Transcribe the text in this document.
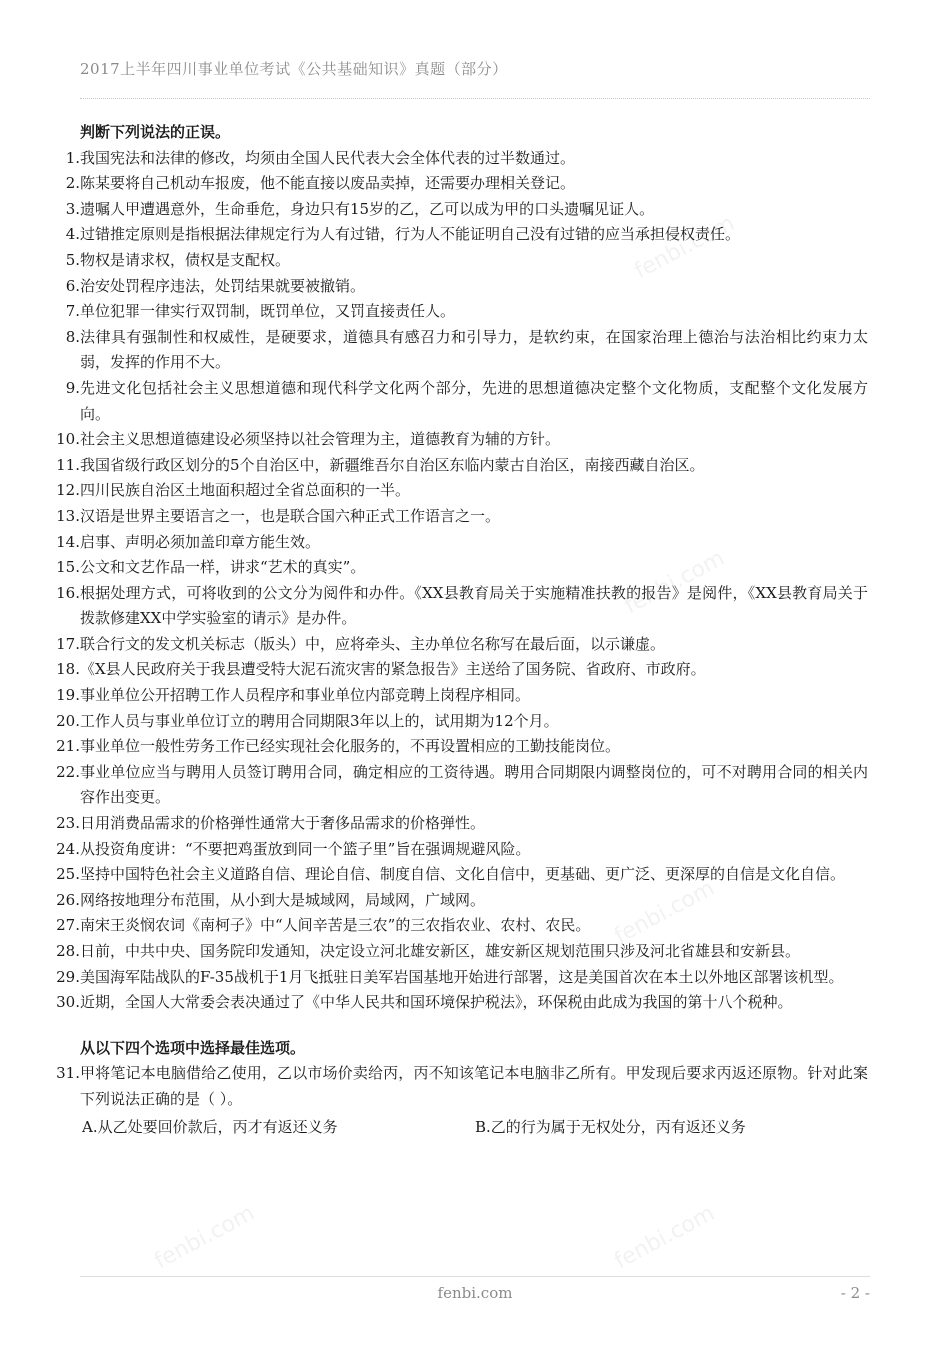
fenbi.com
fenbi.com
fenbi.com
fenbi.com	fenbi.com
2017上半年四川事业单位考试《公共基础知识》真题（部分）

判断下列说法的正误。

1. 我国宪法和法律的修改，均须由全国人民代表大会全体代表的过半数通过。
2. 陈某要将自己机动车报废，他不能直接以废品卖掉，还需要办理相关登记。
3. 遗嘱人甲遭遇意外，生命垂危，身边只有15岁的乙，乙可以成为甲的口头遗嘱见证人。
4. 过错推定原则是指根据法律规定行为人有过错，行为人不能证明自己没有过错的应当承担侵权责任。
5. 物权是请求权，债权是支配权。
6. 治安处罚程序违法，处罚结果就要被撤销。
7. 单位犯罪一律实行双罚制，既罚单位，又罚直接责任人。
8. 法律具有强制性和权威性，是硬要求，道德具有感召力和引导力，是软约束，在国家治理上德治与法治相比约束力太弱，发挥的作用不大。
9. 先进文化包括社会主义思想道德和现代科学文化两个部分，先进的思想道德决定整个文化物质，支配整个文化发展方向。
10. 社会主义思想道德建设必须坚持以社会管理为主，道德教育为辅的方针。
11. 我国省级行政区划分的5个自治区中，新疆维吾尔自治区东临内蒙古自治区，南接西藏自治区。
12. 四川民族自治区土地面积超过全省总面积的一半。
13. 汉语是世界主要语言之一，也是联合国六种正式工作语言之一。
14. 启事、声明必须加盖印章方能生效。
15. 公文和文艺作品一样，讲求“艺术的真实”。
16. 根据处理方式，可将收到的公文分为阅件和办件。《XX县教育局关于实施精准扶教的报告》是阅件，《XX县教育局关于拨款修建XX中学实验室的请示》是办件。
17. 联合行文的发文机关标志（版头）中，应将牵头、主办单位名称写在最后面，以示谦虚。
18. 《X县人民政府关于我县遭受特大泥石流灾害的紧急报告》主送给了国务院、省政府、市政府。
19. 事业单位公开招聘工作人员程序和事业单位内部竞聘上岗程序相同。
20. 工作人员与事业单位订立的聘用合同期限3年以上的，试用期为12个月。
21. 事业单位一般性劳务工作已经实现社会化服务的，不再设置相应的工勤技能岗位。
22. 事业单位应当与聘用人员签订聘用合同，确定相应的工资待遇。聘用合同期限内调整岗位的，可不对聘用合同的相关内容作出变更。
23. 日用消费品需求的价格弹性通常大于奢侈品需求的价格弹性。
24. 从投资角度讲：“不要把鸡蛋放到同一个篮子里”旨在强调规避风险。
25. 坚持中国特色社会主义道路自信、理论自信、制度自信、文化自信中，更基础、更广泛、更深厚的自信是文化自信。
26. 网络按地理分布范围，从小到大是城域网，局域网，广域网。
27. 南宋王炎悯农词《南柯子》中“人间辛苦是三农”的三农指农业、农村、农民。
28. 日前，中共中央、国务院印发通知，决定设立河北雄安新区，雄安新区规划范围只涉及河北省雄县和安新县。
29. 美国海军陆战队的F-35战机于1月飞抵驻日美军岩国基地开始进行部署，这是美国首次在本土以外地区部署该机型。
30. 近期，全国人大常委会表决通过了《中华人民共和国环境保护税法》，环保税由此成为我国的第十八个税种。

从以下四个选项中选择最佳选项。

31. 甲将笔记本电脑借给乙使用，乙以市场价卖给丙，丙不知该笔记本电脑非乙所有。甲发现后要求丙返还原物。针对此案下列说法正确的是（ ）。
A.从乙处要回价款后，丙才有返还义务	B.乙的行为属于无权处分，丙有返还义务
fenbi.com	- 2 -
